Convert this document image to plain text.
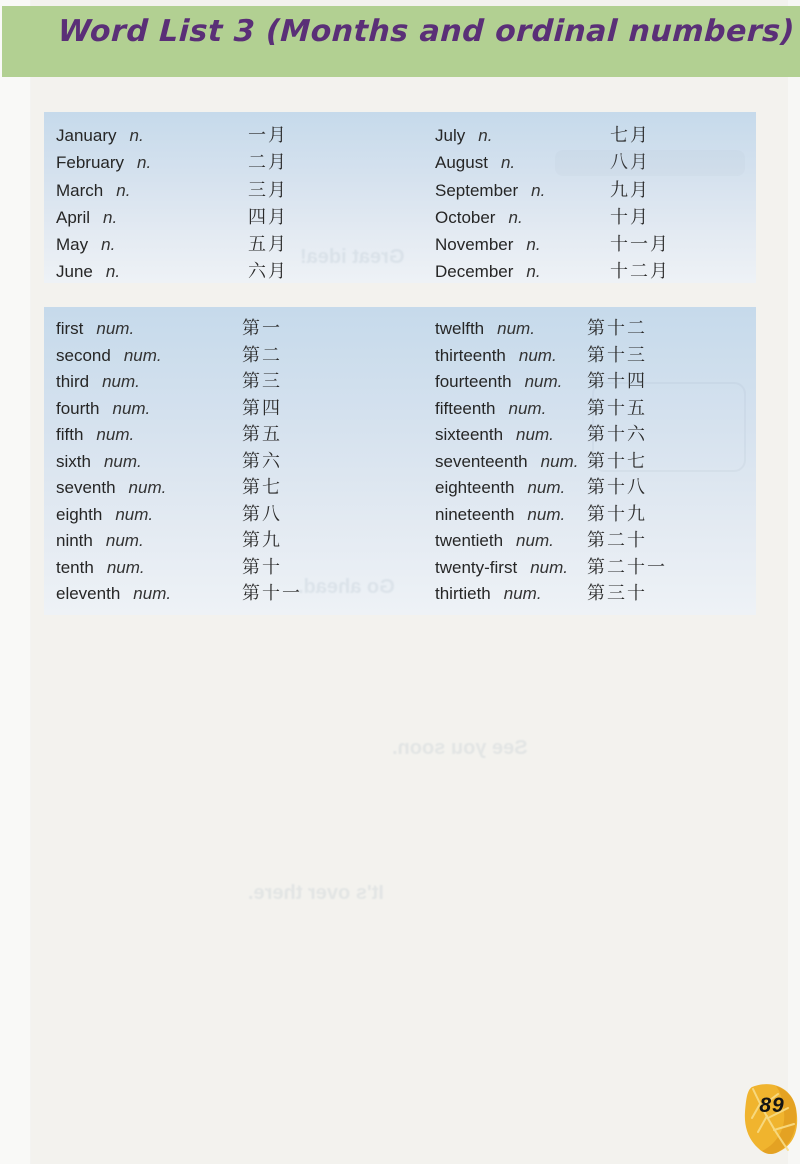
Word List 3 (Months and ordinal numbers)
January n.	一月
February n.	二月
March n.	三月
April n.	四月
May n.	五月
June n.	六月
July n.	七月
August n.	八月
September n.	九月
October n.	十月
November n.	十一月
December n.	十二月
first num.	第一
second num.	第二
third num.	第三
fourth num.	第四
fifth num.	第五
sixth num.	第六
seventh num.	第七
eighth num.	第八
ninth num.	第九
tenth num.	第十
eleventh num.	第十一
twelfth num.	第十二
thirteenth num.	第十三
fourteenth num.	第十四
fifteenth num.	第十五
sixteenth num.	第十六
seventeenth num. 第十七
eighteenth num.	第十八
nineteenth num.	第十九
twentieth num.	第二十
twenty-first num.	第二十一
thirtieth num.	第三十
Great idea!
Go ahead.
See you soon.
It's over there.
89
